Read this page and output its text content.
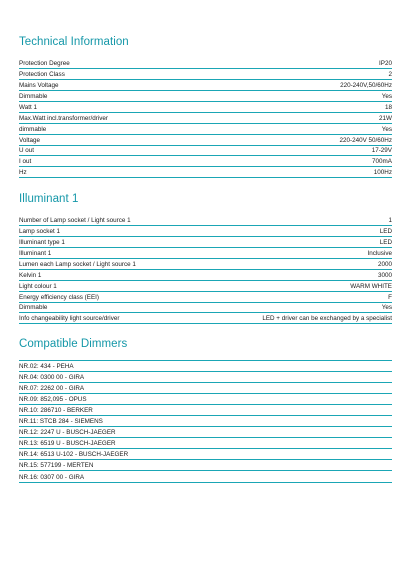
Technical Information
Protection Degree	IP20
Protection Class	2
Mains Voltage	220-240V,50/60Hz
Dimmable	Yes
Watt 1	18
Max.Watt incl.transformer/driver	21W
dimmable	Yes
Voltage	220-240V 50/60Hz
U out	17-29V
I out	700mA
Hz	100Hz
Illuminant 1
Number of Lamp socket / Light source 1	1
Lamp socket 1	LED
Illuminant type 1	LED
Illuminant 1	Inclusive
Lumen each Lamp socket / Light source 1	2000
Kelvin 1	3000
Light colour 1	WARM WHITE
Energy efficiency class (EEI)	F
Dimmable	Yes
Info changeability light source/driver	LED + driver can be exchanged by a specialist
Compatible Dimmers
NR.02: 434 - PEHA
NR.04: 0300 00 - GIRA
NR.07: 2262 00 - GIRA
NR.09: 852,095 - OPUS
NR.10: 286710 - BERKER
NR.11: STCB 284 - SIEMENS
NR.12: 2247 U - BUSCH-JAEGER
NR.13: 6519 U - BUSCH-JAEGER
NR.14: 6513 U-102 - BUSCH-JAEGER
NR.15: 577199 - MERTEN
NR.16: 0307 00 - GIRA
